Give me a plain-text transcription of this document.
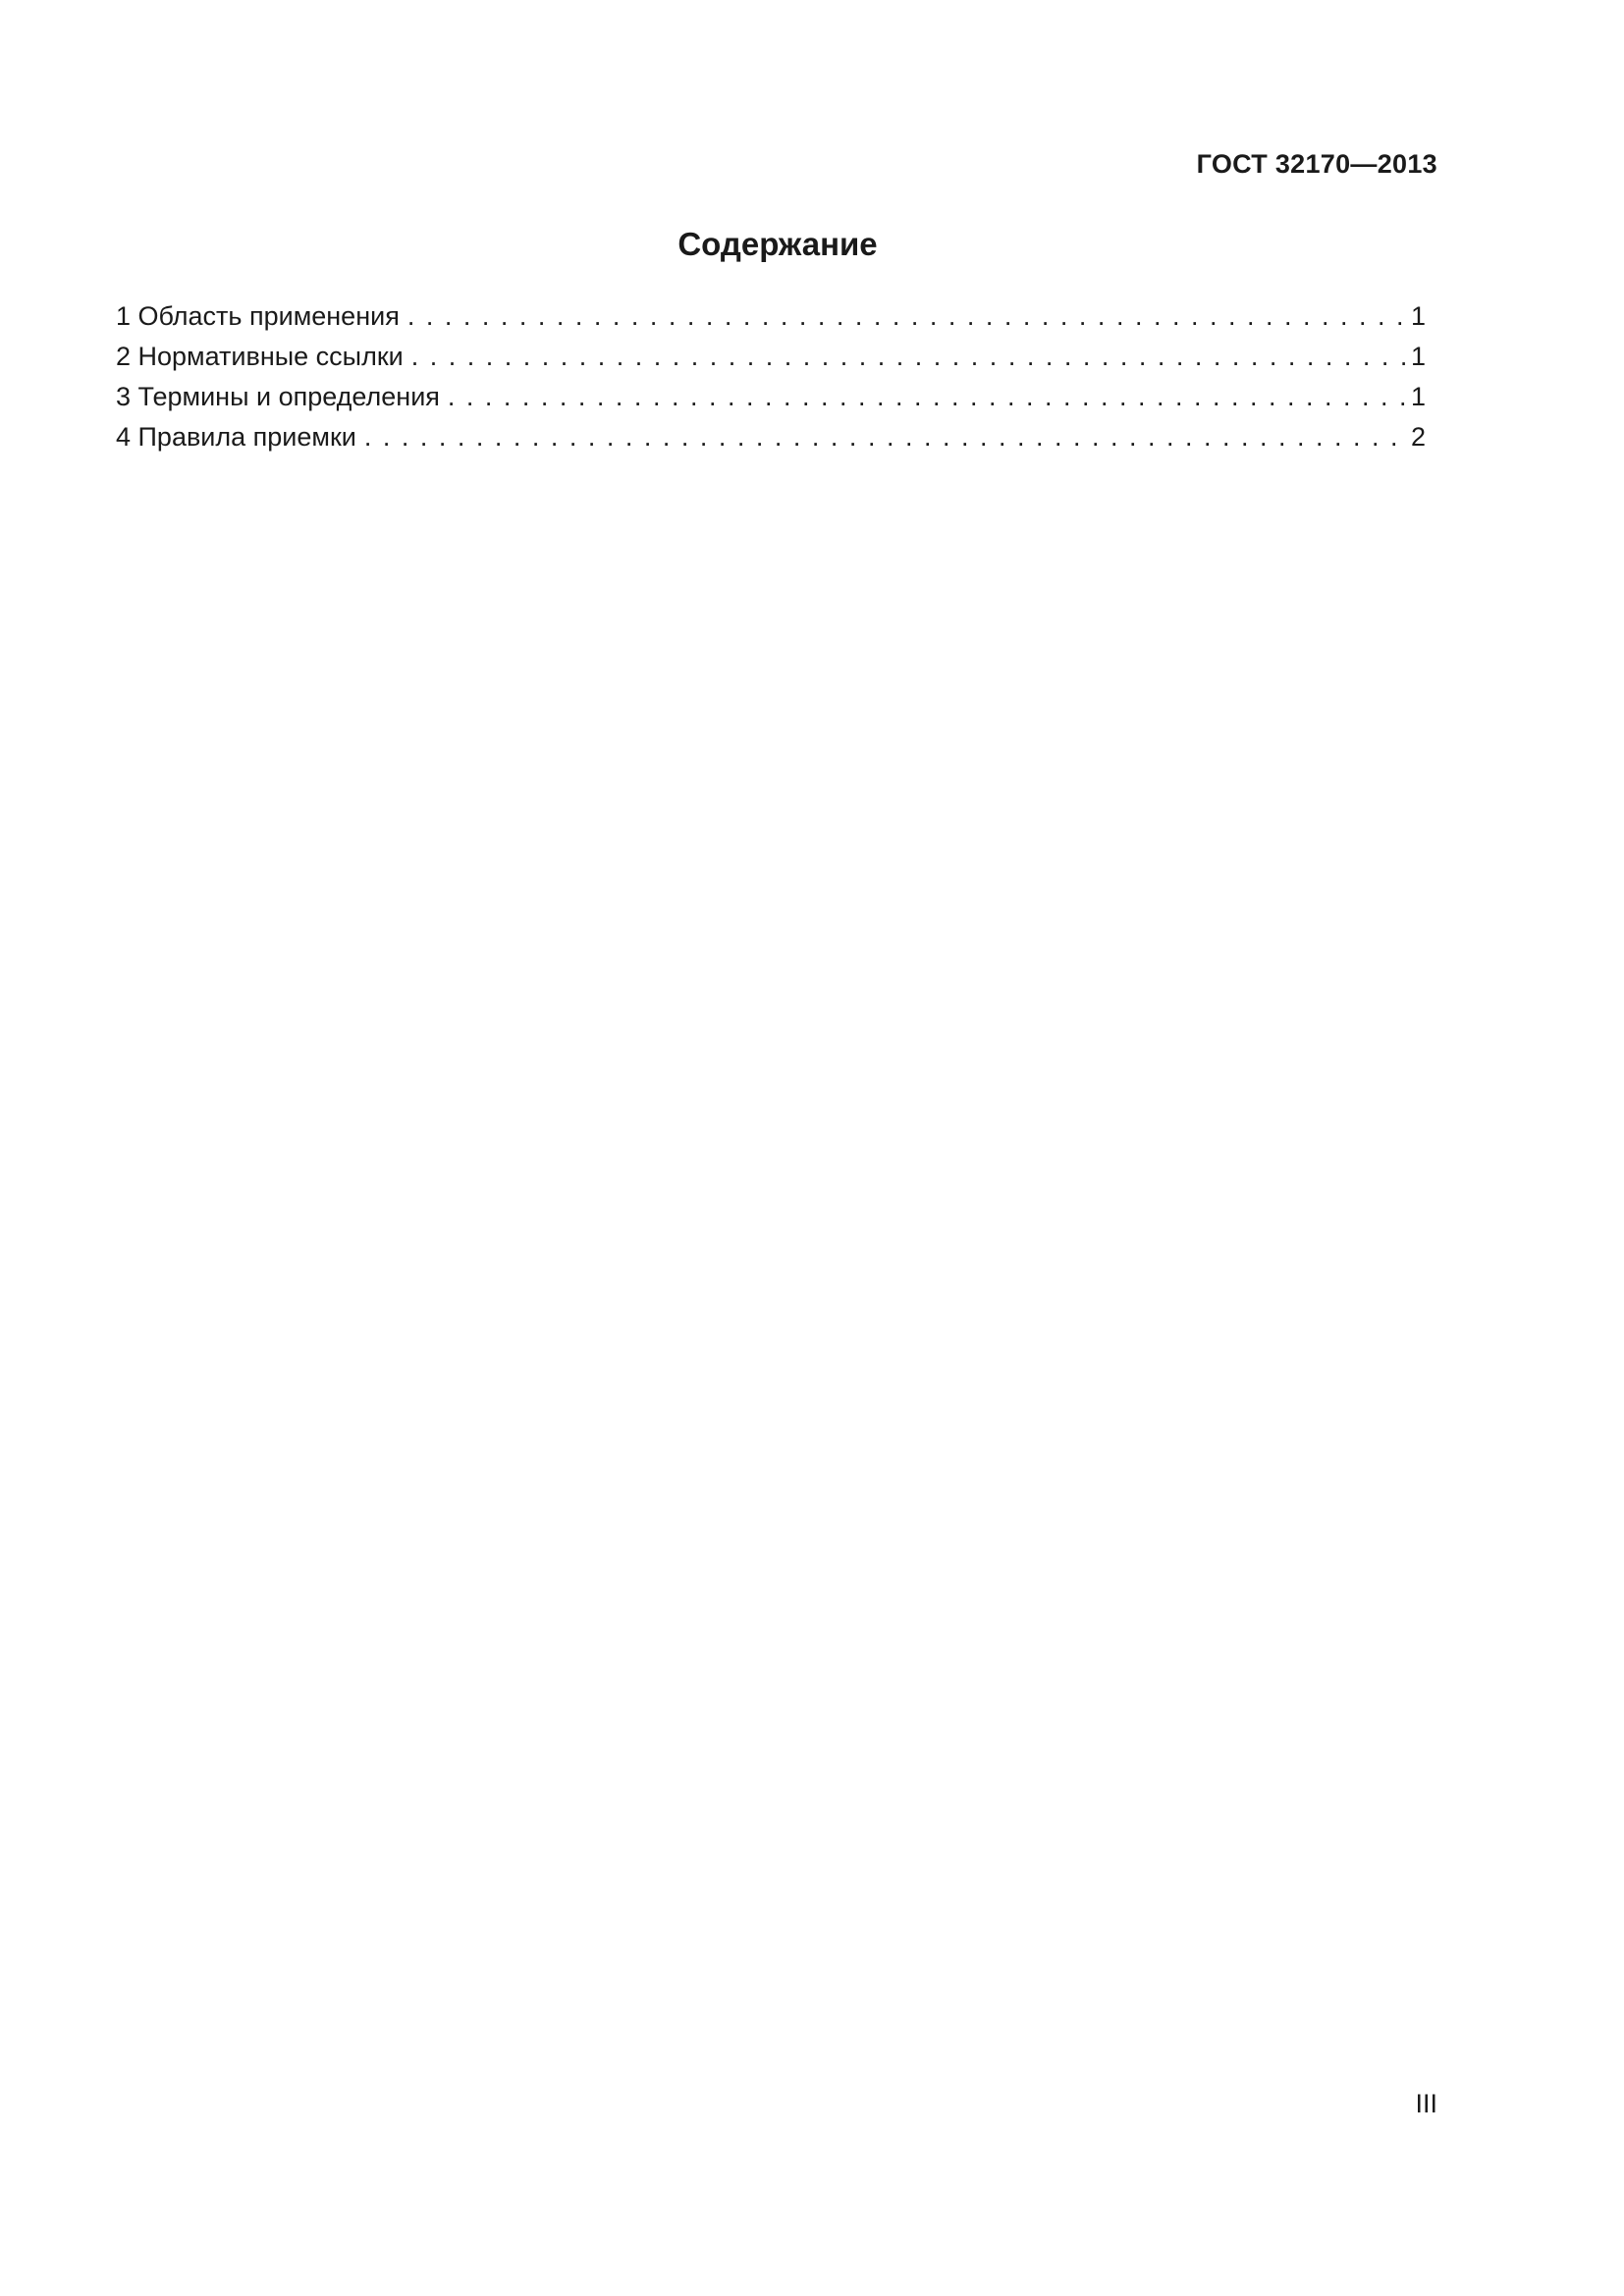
ГОСТ 32170—2013
Содержание
1 Область применения . . .	1
2 Нормативные ссылки . . .	1
3 Термины и определения . . .	1
4 Правила приемки . . .	2
III
